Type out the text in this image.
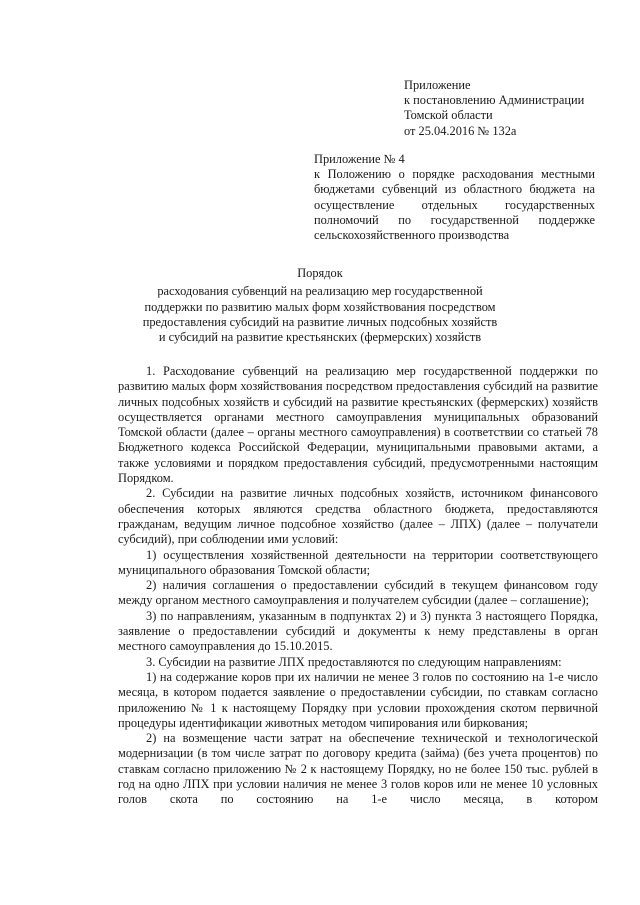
Приложение
к постановлению Администрации
Томской области
от 25.04.2016 № 132а
Приложение № 4
к Положению о порядке расходования местными бюджетами субвенций из областного бюджета на осуществление отдельных государственных полномочий по государственной поддержке сельскохозяйственного производства
Порядок
расходования субвенций на реализацию мер государственной
поддержки по развитию малых форм хозяйствования посредством
предоставления субсидий на развитие личных подсобных хозяйств
и субсидий на развитие крестьянских (фермерских) хозяйств

1. Расходование субвенций на реализацию мер государственной поддержки по развитию малых форм хозяйствования посредством предоставления субсидий на развитие личных подсобных хозяйств и субсидий на развитие крестьянских (фермерских) хозяйств осуществляется органами местного самоуправления муниципальных образований Томской области (далее – органы местного самоуправления) в соответствии со статьей 78 Бюджетного кодекса Российской Федерации, муниципальными правовыми актами, а также условиями и порядком предоставления субсидий, предусмотренными настоящим Порядком.

2. Субсидии на развитие личных подсобных хозяйств, источником финансового обеспечения которых являются средства областного бюджета, предоставляются гражданам, ведущим личное подсобное хозяйство (далее – ЛПХ) (далее – получатели субсидий), при соблюдении ими условий:

1) осуществления хозяйственной деятельности на территории соответствующего муниципального образования Томской области;

2) наличия соглашения о предоставлении субсидий в текущем финансовом году между органом местного самоуправления и получателем субсидии (далее – соглашение);

3) по направлениям, указанным в подпунктах 2) и 3) пункта 3 настоящего Порядка, заявление о предоставлении субсидий и документы к нему представлены в орган местного самоуправления до 15.10.2015.

3. Субсидии на развитие ЛПХ предоставляются по следующим направлениям:

1) на содержание коров при их наличии не менее 3 голов по состоянию на 1-е число месяца, в котором подается заявление о предоставлении субсидии, по ставкам согласно приложению № 1 к настоящему Порядку при условии прохождения скотом первичной процедуры идентификации животных методом чипирования или биркования;

2) на возмещение части затрат на обеспечение технической и технологической модернизации (в том числе затрат по договору кредита (займа) (без учета процентов) по ставкам согласно приложению № 2 к настоящему Порядку, но не более 150 тыс. рублей в год на одно ЛПХ при условии наличия не менее 3 голов коров или не менее 10 условных голов скота по состоянию на 1-е число месяца, в котором
